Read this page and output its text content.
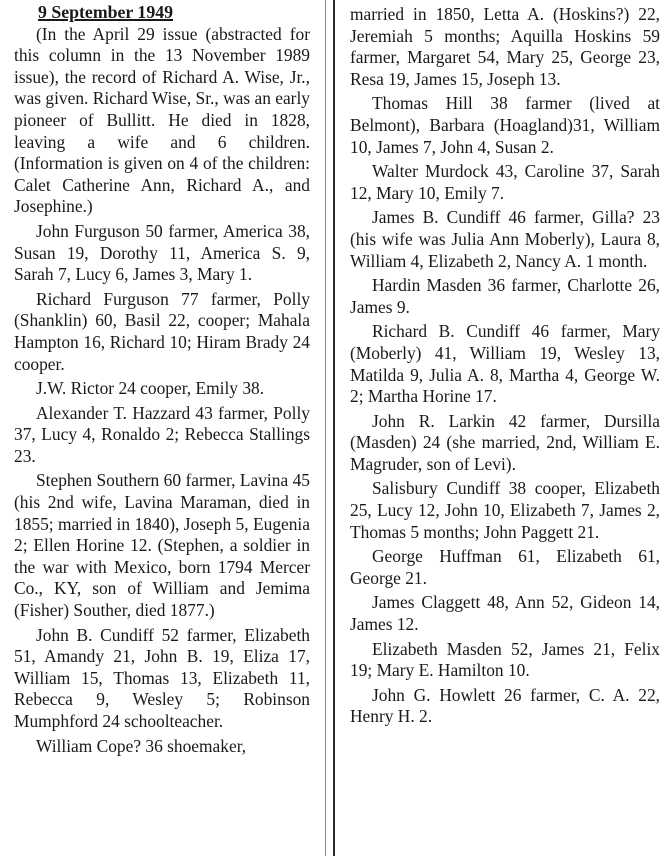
9 September 1949

(In the April 29 issue (abstracted for this column in the 13 November 1989 issue), the record of Richard A. Wise, Jr., was given. Richard Wise, Sr., was an early pioneer of Bullitt. He died in 1828, leaving a wife and 6 children. (Information is given on 4 of the children: Calet Catherine Ann, Richard A., and Josephine.)

John Furguson 50 farmer, America 38, Susan 19, Dorothy 11, America S. 9, Sarah 7, Lucy 6, James 3, Mary 1.

Richard Furguson 77 farmer, Polly (Shanklin) 60, Basil 22, cooper; Mahala Hampton 16, Richard 10; Hiram Brady 24 cooper.

J.W. Rictor 24 cooper, Emily 38.

Alexander T. Hazzard 43 farmer, Polly 37, Lucy 4, Ronaldo 2; Rebecca Stallings 23.

Stephen Southern 60 farmer, Lavina 45 (his 2nd wife, Lavina Maraman, died in 1855; married in 1840), Joseph 5, Eugenia 2; Ellen Horine 12. (Stephen, a soldier in the war with Mexico, born 1794 Mercer Co., KY, son of William and Jemima (Fisher) Souther, died 1877.)

John B. Cundiff 52 farmer, Elizabeth 51, Amandy 21, John B. 19, Eliza 17, William 15, Thomas 13, Elizabeth 11, Rebecca 9, Wesley 5; Robinson Mumphford 24 schoolteacher.

William Cope? 36 shoemaker,

married in 1850, Letta A. (Hoskins?) 22, Jeremiah 5 months; Aquilla Hoskins 59 farmer, Margaret 54, Mary 25, George 23, Resa 19, James 15, Joseph 13.

Thomas Hill 38 farmer (lived at Belmont), Barbara (Hoagland)31, William 10, James 7, John 4, Susan 2.

Walter Murdock 43, Caroline 37, Sarah 12, Mary 10, Emily 7.

James B. Cundiff 46 farmer, Gilla? 23 (his wife was Julia Ann Moberly), Laura 8, William 4, Elizabeth 2, Nancy A. 1 month.

Hardin Masden 36 farmer, Charlotte 26, James 9.

Richard B. Cundiff 46 farmer, Mary (Moberly) 41, William 19, Wesley 13, Matilda 9, Julia A. 8, Martha 4, George W. 2; Martha Horine 17.

John R. Larkin 42 farmer, Dursilla (Masden) 24 (she married, 2nd, William E. Magruder, son of Levi).

Salisbury Cundiff 38 cooper, Elizabeth 25, Lucy 12, John 10, Elizabeth 7, James 2, Thomas 5 months; John Paggett 21.

George Huffman 61, Elizabeth 61, George 21.

James Claggett 48, Ann 52, Gideon 14, James 12.

Elizabeth Masden 52, James 21, Felix 19; Mary E. Hamilton 10.

John G. Howlett 26 farmer, C. A. 22, Henry H. 2.
